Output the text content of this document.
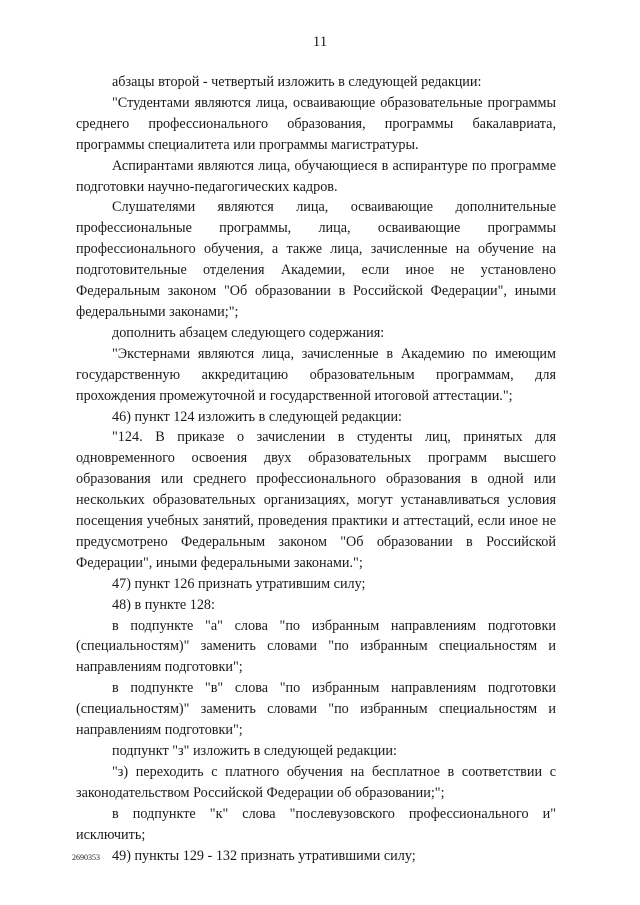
11

абзацы второй - четвертый изложить в следующей редакции:

"Студентами являются лица, осваивающие образовательные программы среднего профессионального образования, программы бакалавриата, программы специалитета или программы магистратуры.

Аспирантами являются лица, обучающиеся в аспирантуре по программе подготовки научно-педагогических кадров.

Слушателями являются лица, осваивающие дополнительные профессиональные программы, лица, осваивающие программы профессионального обучения, а также лица, зачисленные на обучение на подготовительные отделения Академии, если иное не установлено Федеральным законом "Об образовании в Российской Федерации", иными федеральными законами;";

дополнить абзацем следующего содержания:

"Экстернами являются лица, зачисленные в Академию по имеющим государственную аккредитацию образовательным программам, для прохождения промежуточной и государственной итоговой аттестации.";

46) пункт 124 изложить в следующей редакции:

"124. В приказе о зачислении в студенты лиц, принятых для одновременного освоения двух образовательных программ высшего образования или среднего профессионального образования в одной или нескольких образовательных организациях, могут устанавливаться условия посещения учебных занятий, проведения практики и аттестаций, если иное не предусмотрено Федеральным законом "Об образовании в Российской Федерации", иными федеральными законами.";

47) пункт 126 признать утратившим силу;

48) в пункте 128:

в подпункте "а" слова "по избранным направлениям подготовки (специальностям)" заменить словами "по избранным специальностям и направлениям подготовки";

в подпункте "в" слова "по избранным направлениям подготовки (специальностям)" заменить словами "по избранным специальностям и направлениям подготовки";

подпункт "з" изложить в следующей редакции:

"з) переходить с платного обучения на бесплатное в соответствии с законодательством Российской Федерации об образовании;";

в подпункте "к" слова "послевузовского профессионального и" исключить;

49) пункты 129 - 132 признать утратившими силу;

2690353
